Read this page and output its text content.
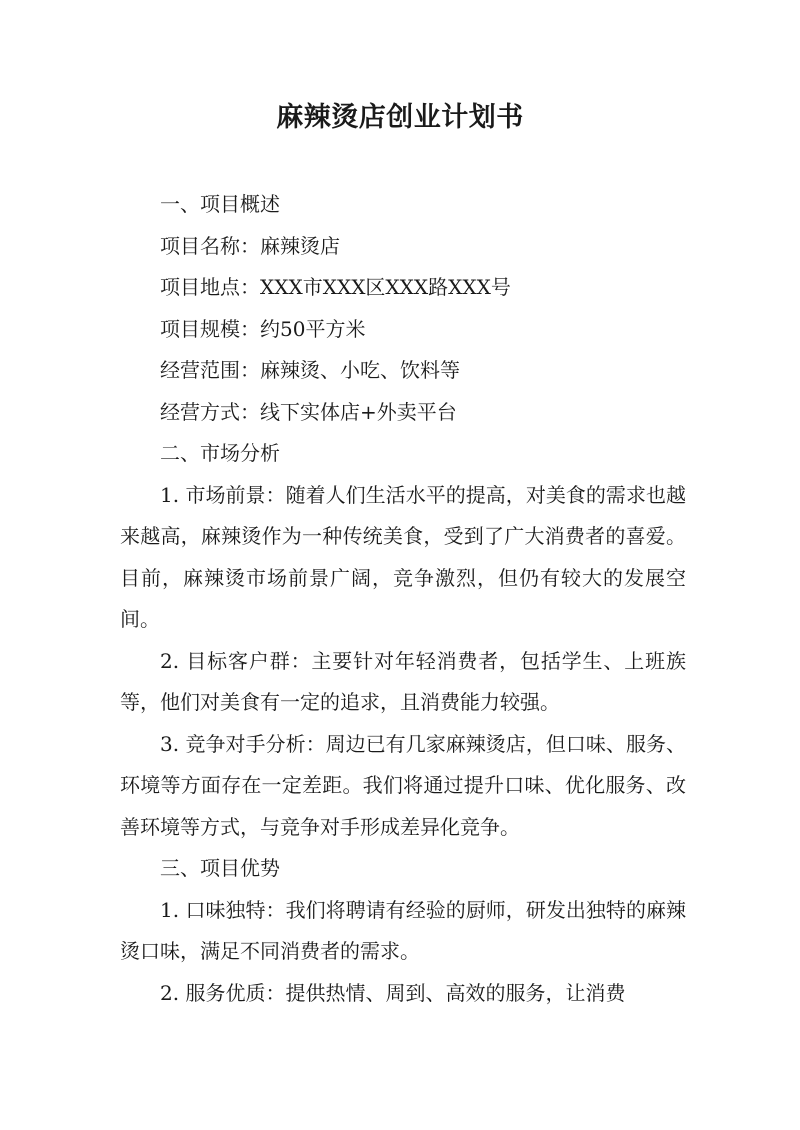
麻辣烫店创业计划书

一、项目概述

项目名称：麻辣烫店

项目地点：XXX市XXX区XXX路XXX号

项目规模：约50平方米

经营范围：麻辣烫、小吃、饮料等

经营方式：线下实体店+外卖平台

二、市场分析

1. 市场前景：随着人们生活水平的提高，对美食的需求也越来越高，麻辣烫作为一种传统美食，受到了广大消费者的喜爱。目前，麻辣烫市场前景广阔，竞争激烈，但仍有较大的发展空间。

2. 目标客户群：主要针对年轻消费者，包括学生、上班族等，他们对美食有一定的追求，且消费能力较强。

3. 竞争对手分析：周边已有几家麻辣烫店，但口味、服务、环境等方面存在一定差距。我们将通过提升口味、优化服务、改善环境等方式，与竞争对手形成差异化竞争。

三、项目优势

1. 口味独特：我们将聘请有经验的厨师，研发出独特的麻辣烫口味，满足不同消费者的需求。

2. 服务优质：提供热情、周到、高效的服务，让消费
